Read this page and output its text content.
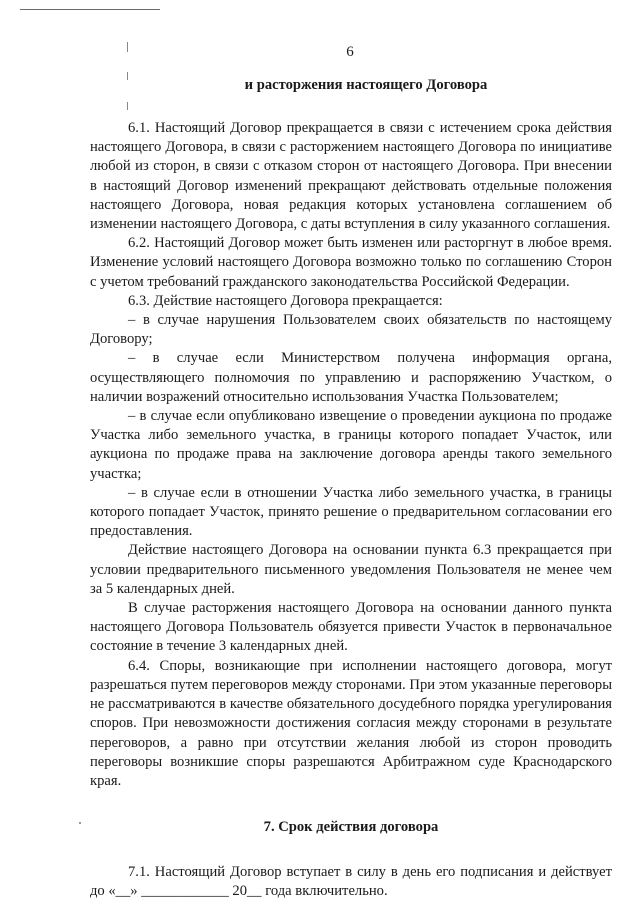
6
и расторжения настоящего Договора

6.1. Настоящий Договор прекращается в связи с истечением срока действия настоящего Договора, в связи с расторжением настоящего Договора по инициативе любой из сторон, в связи с отказом сторон от настоящего Договора. При внесении в настоящий Договор изменений прекращают действовать отдельные положения настоящего Договора, новая редакция которых установлена соглашением об изменении настоящего Договора, с даты вступления в силу указанного соглашения.

6.2. Настоящий Договор может быть изменен или расторгнут в любое время. Изменение условий настоящего Договора возможно только по соглашению Сторон с учетом требований гражданского законодательства Российской Федерации.

6.3. Действие настоящего Договора прекращается:

– в случае нарушения Пользователем своих обязательств по настоящему Договору;

– в случае если Министерством получена информация органа, осуществляющего полномочия по управлению и распоряжению Участком, о наличии возражений относительно использования Участка Пользователем;

– в случае если опубликовано извещение о проведении аукциона по продаже Участка либо земельного участка, в границы которого попадает Участок, или аукциона по продаже права на заключение договора аренды такого земельного участка;

– в случае если в отношении Участка либо земельного участка, в границы которого попадает Участок, принято решение о предварительном согласовании его предоставления.

Действие настоящего Договора на основании пункта 6.3 прекращается при условии предварительного письменного уведомления Пользователя не менее чем за 5 календарных дней.

В случае расторжения настоящего Договора на основании данного пункта настоящего Договора Пользователь обязуется привести Участок в первоначальное состояние в течение 3 календарных дней.

6.4. Споры, возникающие при исполнении настоящего договора, могут разрешаться путем переговоров между сторонами. При этом указанные переговоры не рассматриваются в качестве обязательного досудебного порядка урегулирования споров. При невозможности достижения согласия между сторонами в результате переговоров, а равно при отсутствии желания любой из сторон проводить переговоры возникшие споры разрешаются Арбитражном суде Краснодарского края.

7. Срок действия договора

7.1. Настоящий Договор вступает в силу в день его подписания и действует до «__» ____________ 20__ года включительно.
